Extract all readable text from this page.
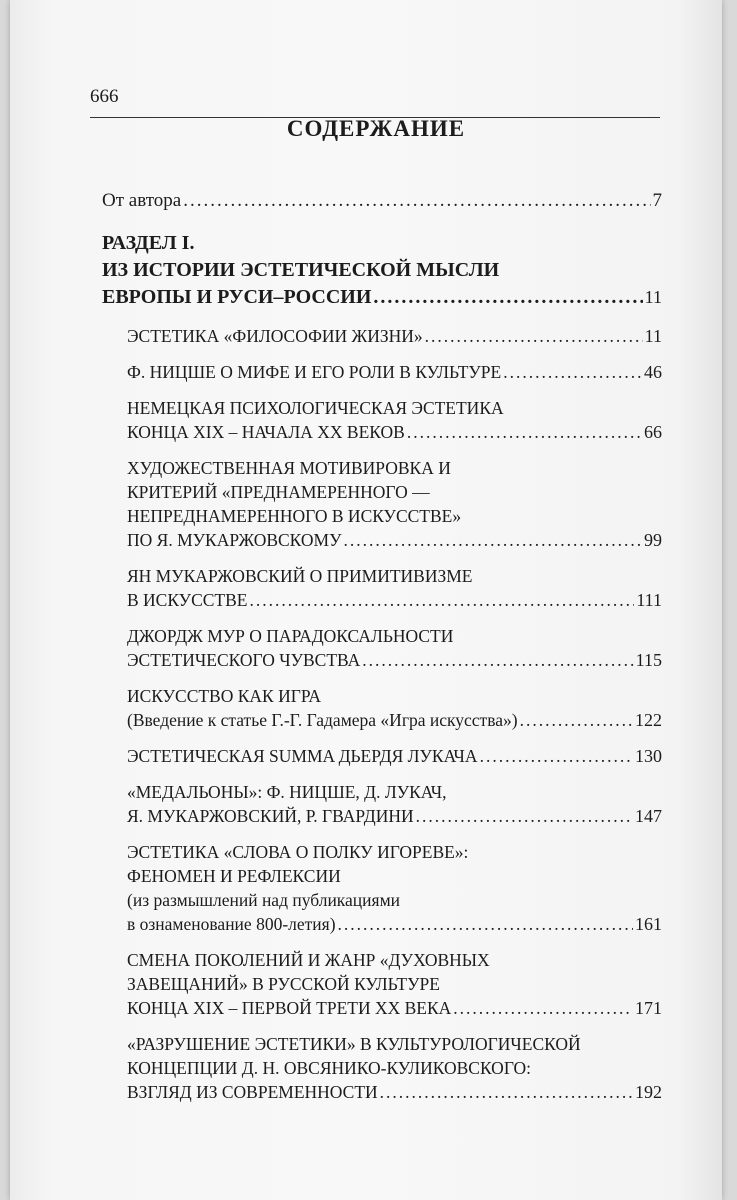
666
СОДЕРЖАНИЕ
От автора .....	7
РАЗДЕЛ I.
ИЗ ИСТОРИИ ЭСТЕТИЧЕСКОЙ МЫСЛИ
ЕВРОПЫ И РУСИ–РОССИИ .....	11
ЭСТЕТИКА «ФИЛОСОФИИ ЖИЗНИ» .....	11
Ф. НИЦШЕ О МИФЕ И ЕГО РОЛИ В КУЛЬТУРЕ .....	46
НЕМЕЦКАЯ ПСИХОЛОГИЧЕСКАЯ ЭСТЕТИКА
КОНЦА XIX – НАЧАЛА XX ВЕКОВ .....	66
ХУДОЖЕСТВЕННАЯ МОТИВИРОВКА И
КРИТЕРИЙ «ПРЕДНАМЕРЕННОГО —
НЕПРЕДНАМЕРЕННОГО В ИСКУССТВЕ»
ПО Я. МУКАРЖОВСКОМУ .....	99
ЯН МУКАРЖОВСКИЙ О ПРИМИТИВИЗМЕ
В ИСКУССТВЕ .....	111
ДЖОРДЖ МУР О ПАРАДОКСАЛЬНОСТИ
ЭСТЕТИЧЕСКОГО ЧУВСТВА .....	115
ИСКУССТВО КАК ИГРА
(Введение к статье Г.-Г. Гадамера «Игра искусства») .....	122
ЭСТЕТИЧЕСКАЯ SUMMA ДЬЕРДЯ ЛУКАЧА .....	130
«МЕДАЛЬОНЫ»: Ф. НИЦШЕ, Д. ЛУКАЧ,
Я. МУКАРЖОВСКИЙ, Р. ГВАРДИНИ .....	147
ЭСТЕТИКА «СЛОВА О ПОЛКУ ИГОРЕВЕ»:
ФЕНОМЕН И РЕФЛЕКСИИ
(из размышлений над публикациями
в ознаменование 800-летия) .....	161
СМЕНА ПОКОЛЕНИЙ И ЖАНР «ДУХОВНЫХ
ЗАВЕЩАНИЙ» В РУССКОЙ КУЛЬТУРЕ
КОНЦА XIX – ПЕРВОЙ ТРЕТИ XX ВЕКА .....	171
«РАЗРУШЕНИЕ ЭСТЕТИКИ» В КУЛЬТУРОЛОГИЧЕСКОЙ
КОНЦЕПЦИИ Д. Н. ОВСЯНИКО-КУЛИКОВСКОГО:
ВЗГЛЯД ИЗ СОВРЕМЕННОСТИ .....	192
